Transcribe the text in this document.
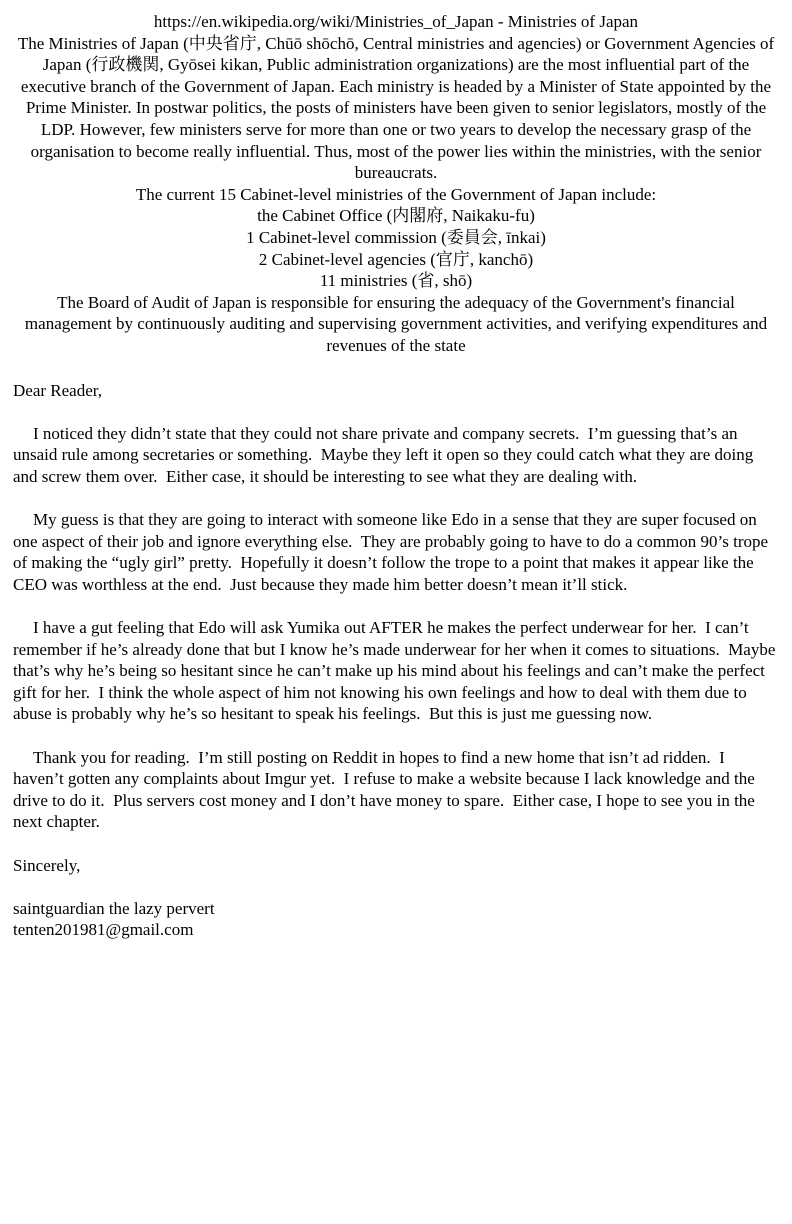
https://en.wikipedia.org/wiki/Ministries_of_Japan - Ministries of Japan
The Ministries of Japan (中央省庁, Chūō shōchō, Central ministries and agencies) or Government Agencies of Japan (行政機関, Gyōsei kikan, Public administration organizations) are the most influential part of the executive branch of the Government of Japan. Each ministry is headed by a Minister of State appointed by the Prime Minister. In postwar politics, the posts of ministers have been given to senior legislators, mostly of the LDP. However, few ministers serve for more than one or two years to develop the necessary grasp of the organisation to become really influential. Thus, most of the power lies within the ministries, with the senior bureaucrats.
The current 15 Cabinet-level ministries of the Government of Japan include:
the Cabinet Office (内閣府, Naikaku-fu)
1 Cabinet-level commission (委員会, īnkai)
2 Cabinet-level agencies (官庁, kanchō)
11 ministries (省, shō)
The Board of Audit of Japan is responsible for ensuring the adequacy of the Government's financial management by continuously auditing and supervising government activities, and verifying expenditures and revenues of the state
Dear Reader,

I noticed they didn’t state that they could not share private and company secrets.  I’m guessing that’s an unsaid rule among secretaries or something.  Maybe they left it open so they could catch what they are doing and screw them over.  Either case, it should be interesting to see what they are dealing with.

My guess is that they are going to interact with someone like Edo in a sense that they are super focused on one aspect of their job and ignore everything else.  They are probably going to have to do a common 90’s trope of making the “ugly girl” pretty.  Hopefully it doesn’t follow the trope to a point that makes it appear like the CEO was worthless at the end.  Just because they made him better doesn’t mean it’ll stick.

I have a gut feeling that Edo will ask Yumika out AFTER he makes the perfect underwear for her.  I can’t remember if he’s already done that but I know he’s made underwear for her when it comes to situations.  Maybe that’s why he’s being so hesitant since he can’t make up his mind about his feelings and can’t make the perfect gift for her.  I think the whole aspect of him not knowing his own feelings and how to deal with them due to abuse is probably why he’s so hesitant to speak his feelings.  But this is just me guessing now.

Thank you for reading.  I’m still posting on Reddit in hopes to find a new home that isn’t ad ridden.  I haven’t gotten any complaints about Imgur yet.  I refuse to make a website because I lack knowledge and the drive to do it.  Plus servers cost money and I don’t have money to spare.  Either case, I hope to see you in the next chapter.

Sincerely,
saintguardian the lazy pervert
tenten201981@gmail.com
